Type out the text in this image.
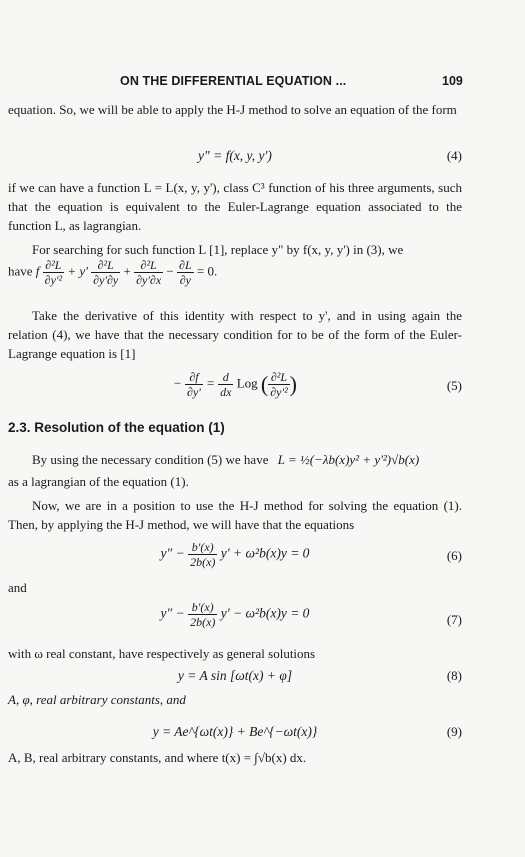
ON THE DIFFERENTIAL EQUATION ...	109
equation. So, we will be able to apply the H-J method to solve an equation of the form
y" = f(x, y, y')	(4)
if we can have a function L = L(x, y, y'), class C³ function of his three arguments, such that the equation is equivalent to the Euler-Lagrange equation associated to the function L, as lagrangian.
For searching for such function L [1], replace y" by f(x, y, y') in (3), we
have f $\frac{\text{∂²L}}{\text{∂y'²}} + y' \frac{\text{∂²L}}{\partial y'\partial y} + \frac{\text{∂²L}}{\partial y'\partial x} - \frac{\partial L}{\partial y} = 0$.
Take the derivative of this identity with respect to y', and in using again the relation (4), we have that the necessary condition for to be of the form of the Euler-Lagrange equation is [1]
− $\frac{\partial f}{\partial y'} = \frac{d}{dx}$ Log ( $\frac{\text{∂²L}}{\text{∂y'²}}$ )	(5)
2.3. Resolution of the equation (1)
By using the necessary condition (5) we have L = ½(−λb(x)y² + y'²)√b(x)
as a lagrangian of the equation (1).
Now, we are in a position to use the H-J method for solving the equation (1). Then, by applying the H-J method, we will have that the equations
y" − $\frac{b'(x)}{2b(x)} y' + \omega^2b(x)y = 0$	(6)
and
y" − $\frac{b'(x)}{2b(x)} y' - \omega^2b(x)y = 0$	(7)
with ω real constant, have respectively as general solutions
y = A sin [ωt(x) + φ]	(8)
A, φ, real arbitrary constants, and
y = Ae^{ωt(x)} + Be^{−ωt(x)}	(9)
A, B, real arbitrary constants, and where t(x) = ∫√b(x) dx.
